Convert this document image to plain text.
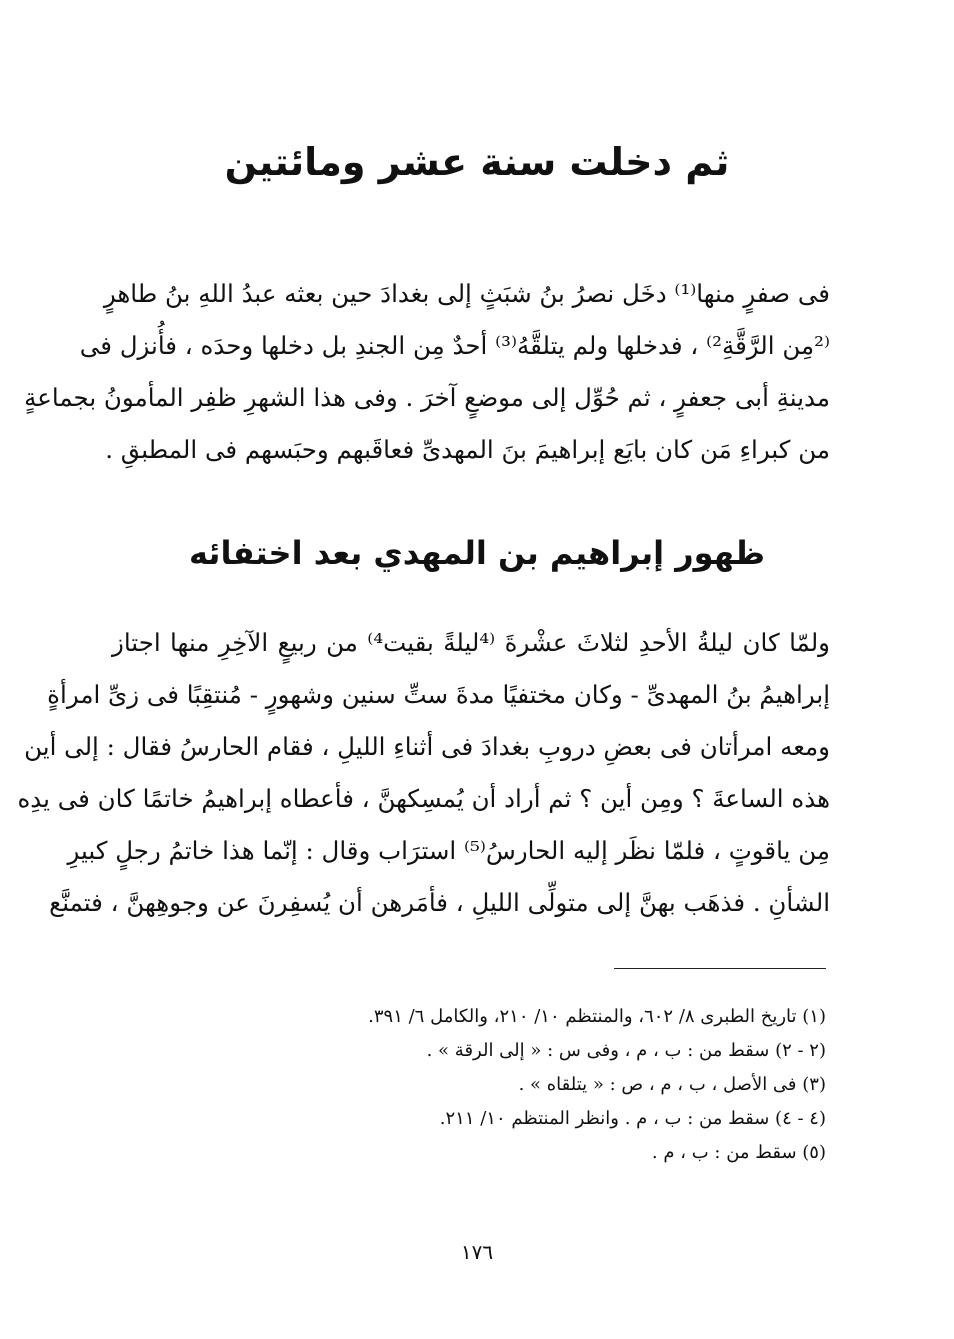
ثم دخلت سنة عشر ومائتين
فى صفرٍ منها⁽¹⁾ دخَل نصرُ بنُ شبَثٍ إلى بغدادَ حين بعثه عبدُ اللهِ بنُ طاهرٍ
⁽²مِن الرَّقَّةِ²⁾ ، فدخلها ولم يتلقَّهُ⁽³⁾ أحدٌ مِن الجندِ بل دخلها وحدَه ، فأُنزل فى
مدينةِ أبى جعفرٍ ، ثم حُوِّل إلى موضعٍ آخرَ . وفى هذا الشهرِ ظفِر المأمونُ بجماعةٍ
من كبراءِ مَن كان بايَع إبراهيمَ بنَ المهدىِّ فعاقَبهم وحبَسهم فى المطبقِ .
ظهور إبراهيم بن المهدي بعد اختفائه
ولمّا كان ليلةُ الأحدِ لثلاثَ عشْرةَ ⁽⁴ليلةً بقيت⁴⁾ من ربيعٍ الآخِرِ منها اجتاز
إبراهيمُ بنُ المهدىِّ - وكان مختفيًا مدةَ ستِّ سنين وشهورٍ - مُنتقِبًا فى زىِّ امرأةٍ
ومعه امرأتان فى بعضِ دروبِ بغدادَ فى أثناءِ الليلِ ، فقام الحارسُ فقال : إلى أين
هذه الساعةَ ؟ ومِن أين ؟ ثم أراد أن يُمسِكهنَّ ، فأعطاه إبراهيمُ خاتمًا كان فى يدِه
مِن ياقوتٍ ، فلمّا نظَر إليه الحارسُ⁽⁵⁾ استرَاب وقال : إنّما هذا خاتمُ رجلٍ كبيرِ
الشأنِ . فذهَب بهنَّ إلى متولِّى الليلِ ، فأمَرهن أن يُسفِرنَ عن وجوهِهنَّ ، فتمنَّع
(١) تاريخ الطبرى ٨/ ٦٠٢، والمنتظم ١٠/ ٢١٠، والكامل ٦/ ٣٩١.
(٢ - ٢) سقط من : ب ، م ، وفى س : « إلى الرقة » .
(٣) فى الأصل ، ب ، م ، ص : « يتلقاه » .
(٤ - ٤) سقط من : ب ، م . وانظر المنتظم ١٠/ ٢١١.
(٥) سقط من : ب ، م .
١٧٦
